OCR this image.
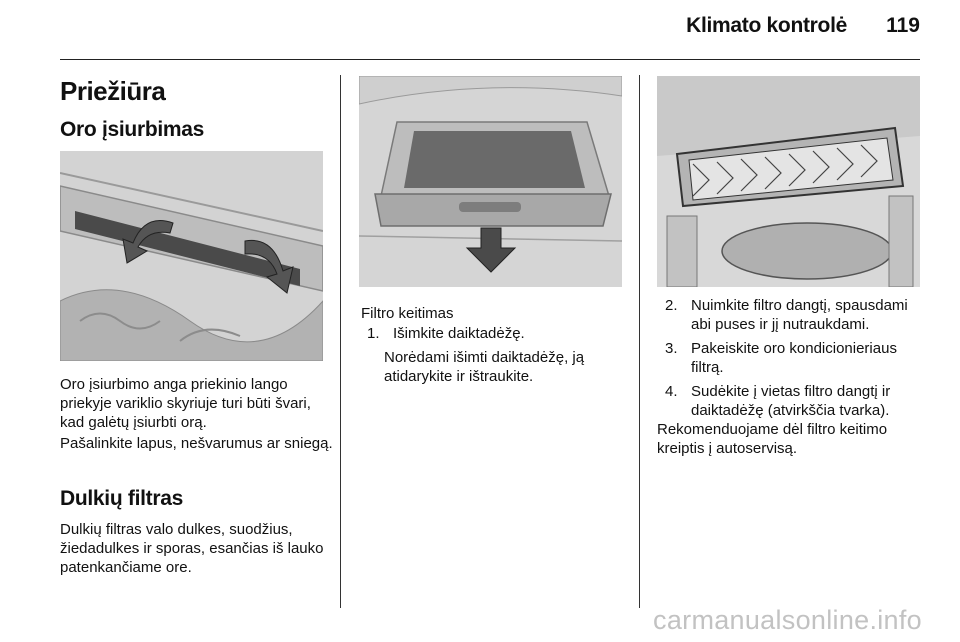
Klimato kontrolė 119
Priežiūra
Oro įsiurbimas

Oro įsiurbimo anga priekinio lango priekyje variklio skyriuje turi būti švari, kad galėtų įsiurbti orą.

Pašalinkite lapus, nešvarumus ar sniegą.

Dulkių filtras

Dulkių filtras valo dulkes, suodžius, žiedadulkes ir sporas, esančias iš lauko patenkančiame ore.

Filtro keitimas
1. Išimkite daiktadėžę.

Norėdami išimti daiktadėžę, ją atidarykite ir ištraukite.

2. Nuimkite filtro dangtį, spausdami abi puses ir jį nutraukdami.
3. Pakeiskite oro kondicionieriaus filtrą.
4. Sudėkite į vietas filtro dangtį ir daiktadėžę (atvirkščia tvarka).

Rekomenduojame dėl filtro keitimo kreiptis į autoservisą.

carmanualsonline.info
